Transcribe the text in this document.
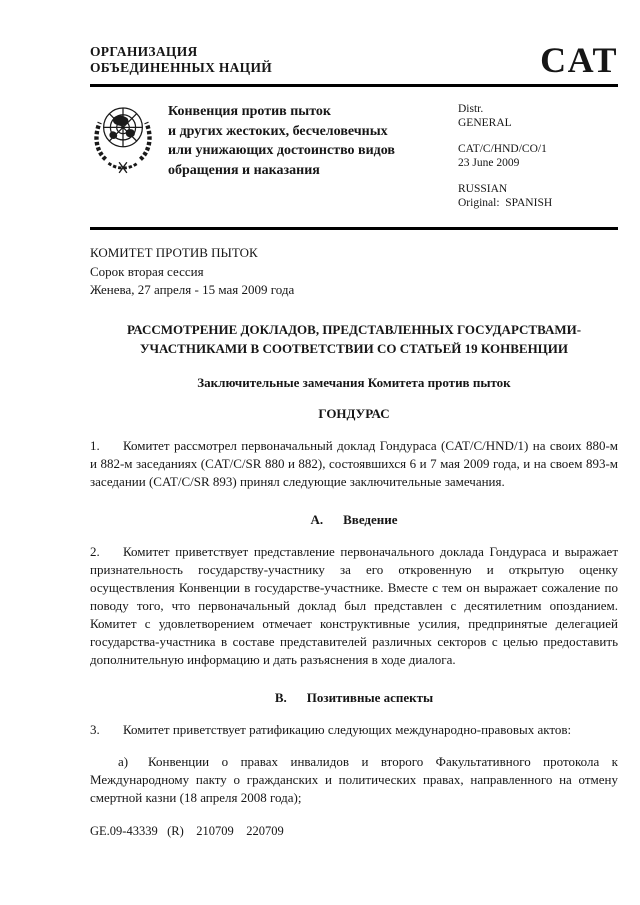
ОРГАНИЗАЦИЯ
ОБЪЕДИНЕННЫХ НАЦИЙ	CAT
Конвенция против пыток
и других жестоких, бесчеловечных
или унижающих достоинство видов
обращения и наказания
Distr.
GENERAL
CAT/C/HND/CO/1
23 June 2009
RUSSIAN
Original:  SPANISH
КОМИТЕТ ПРОТИВ ПЫТОК
Сорок вторая сессия
Женева, 27 апреля - 15 мая 2009 года
РАССМОТРЕНИЕ ДОКЛАДОВ, ПРЕДСТАВЛЕННЫХ ГОСУДАРСТВАМИ-
УЧАСТНИКАМИ В СООТВЕТСТВИИ СО СТАТЬЕЙ 19 КОНВЕНЦИИ
Заключительные замечания Комитета против пыток
ГОНДУРАС

1. Комитет рассмотрел первоначальный доклад Гондураса (CAT/C/HND/1) на своих 880-м и 882-м заседаниях (CAT/C/SR 880 и 882), состоявшихся 6 и 7 мая 2009 года, и на своем 893-м заседании (CAT/C/SR 893) принял следующие заключительные замечания.

А. Введение

2. Комитет приветствует представление первоначального доклада Гондураса и выражает признательность государству-участнику за его откровенную и открытую оценку осуществления Конвенции в государстве-участнике. Вместе с тем он выражает сожаление по поводу того, что первоначальный доклад был представлен с десятилетним опозданием. Комитет с удовлетворением отмечает конструктивные усилия, предпринятые делегацией государства-участника в составе представителей различных секторов с целью предоставить дополнительную информацию и дать разъяснения в ходе диалога.

В. Позитивные аспекты

3. Комитет приветствует ратификацию следующих международно-правовых актов:

а) Конвенции о правах инвалидов и второго Факультативного протокола к Международному пакту о гражданских и политических правах, направленного на отмену смертной казни (18 апреля 2008 года);

GE.09-43339   (R)    210709    220709
